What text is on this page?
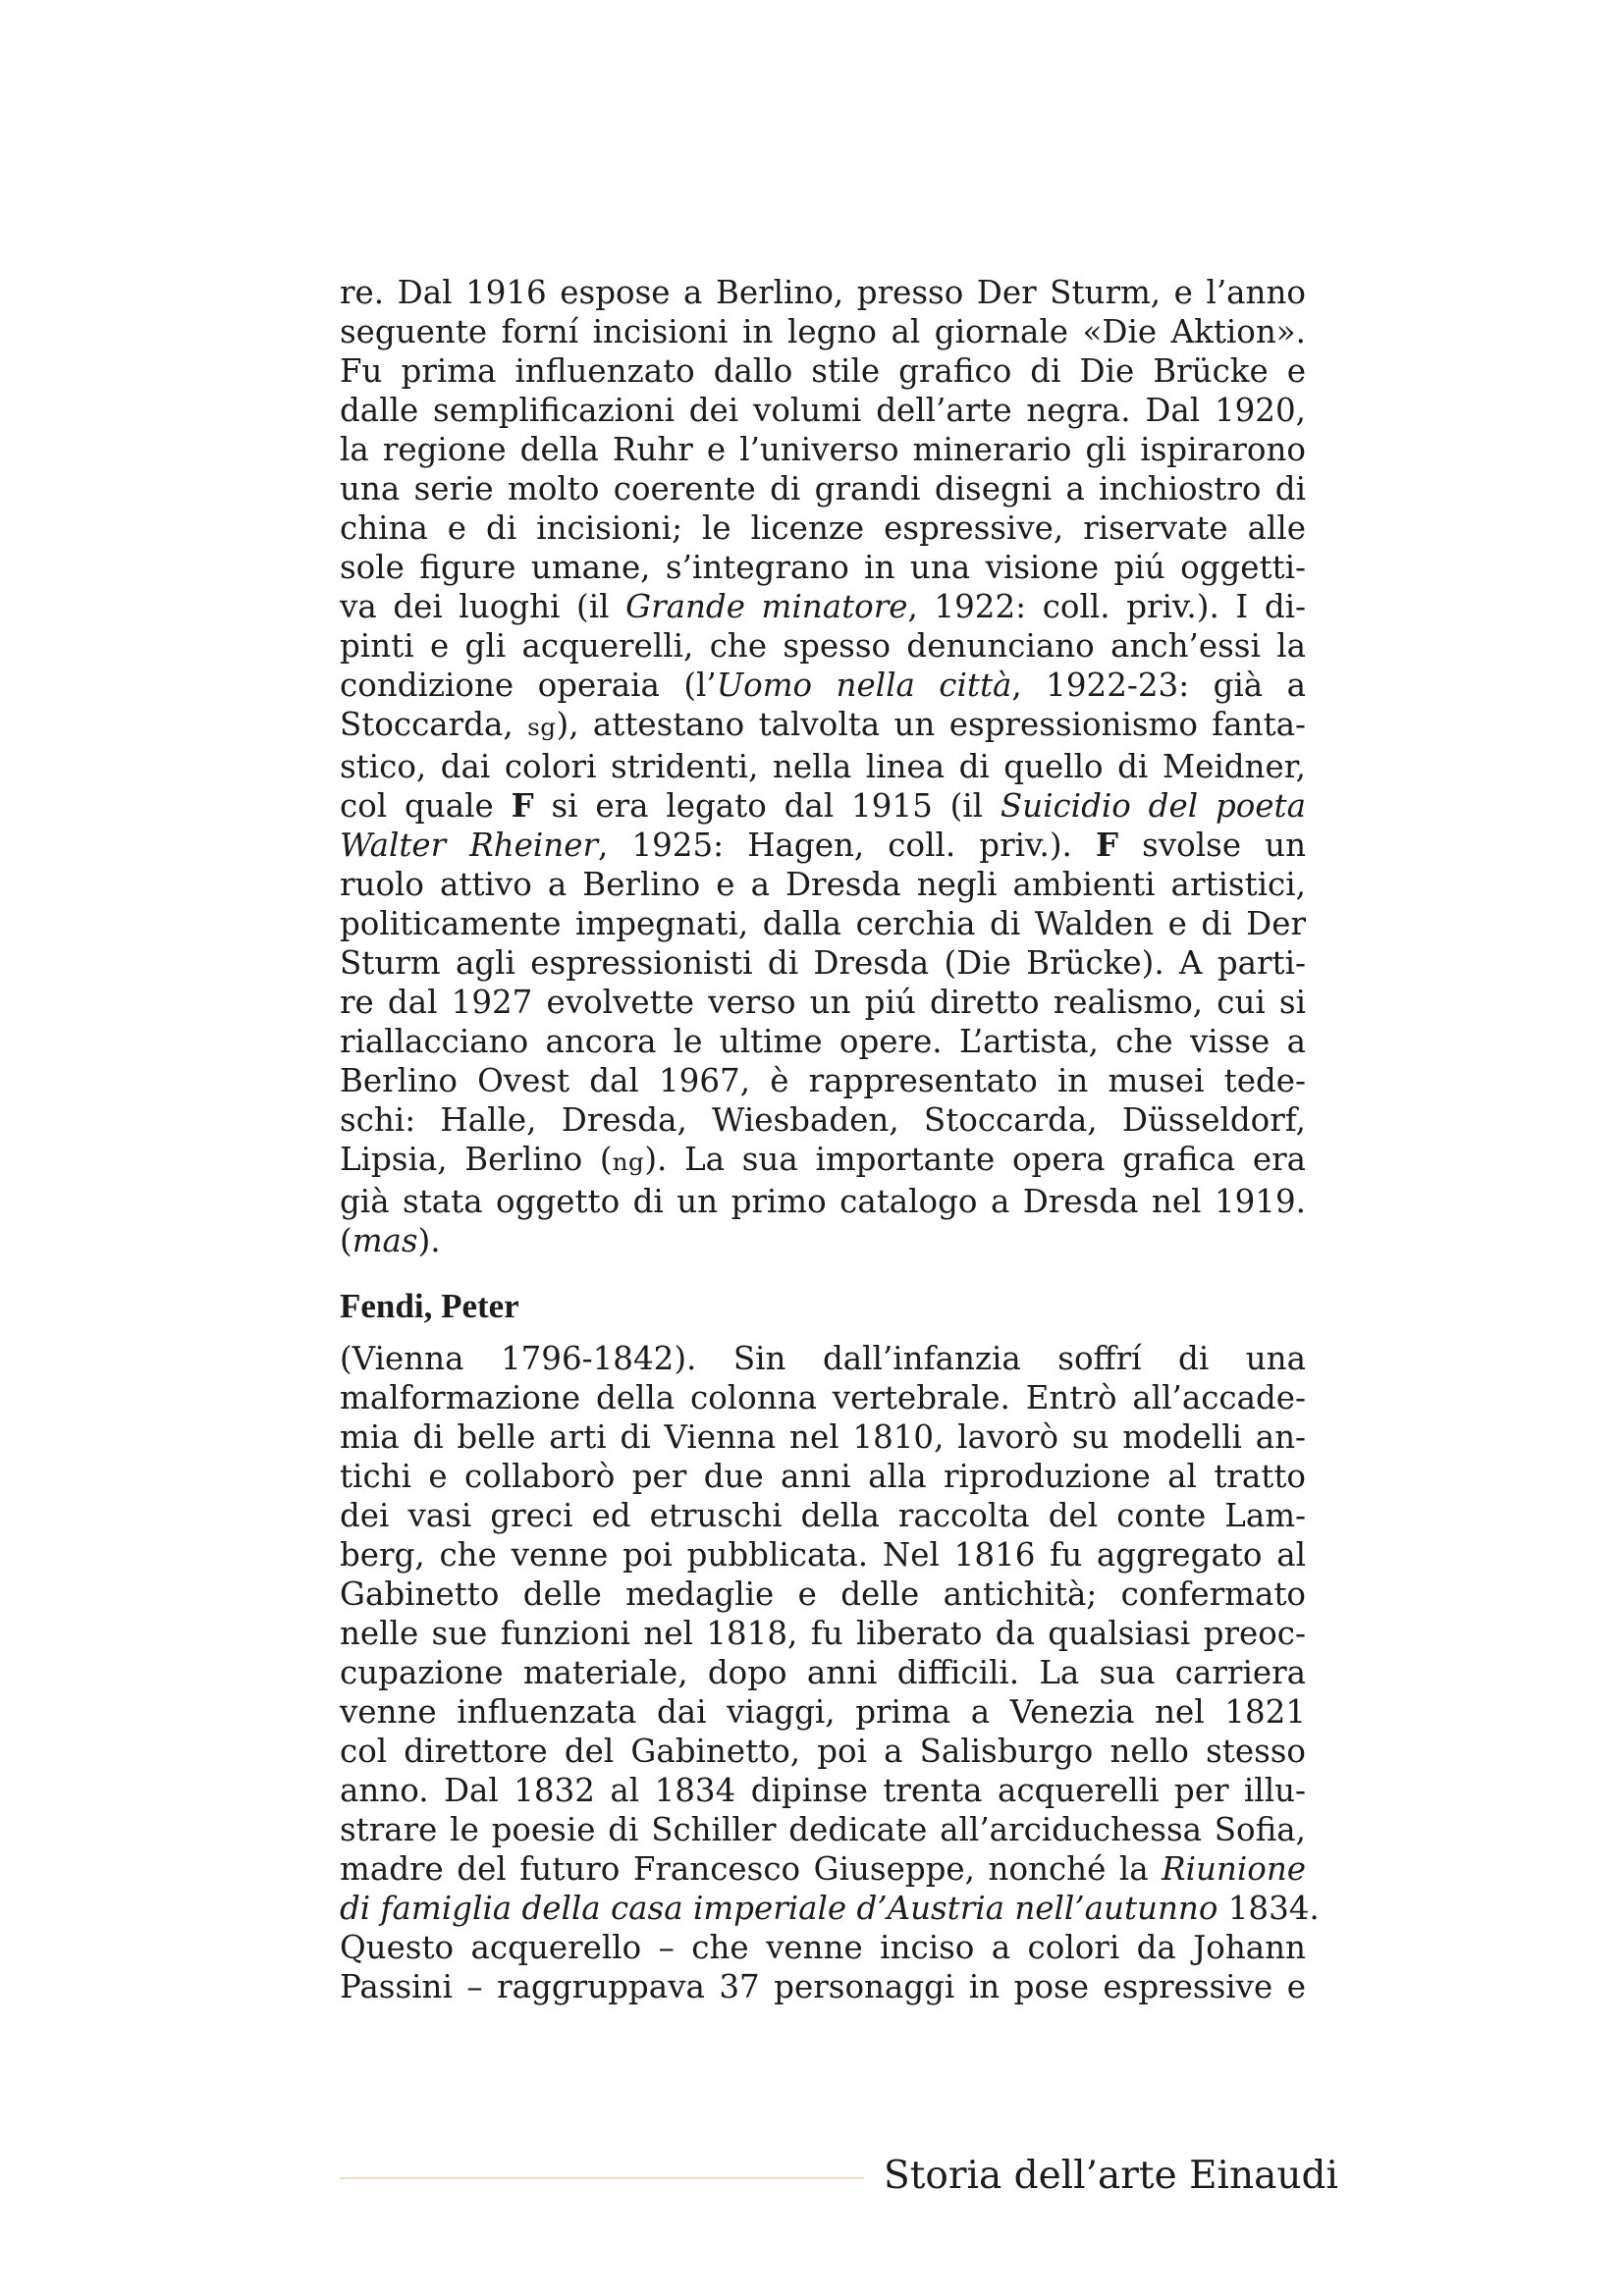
re. Dal 1916 espose a Berlino, presso Der Sturm, e l’anno
seguente forní incisioni in legno al giornale «Die Aktion».
Fu prima influenzato dallo stile grafico di Die Brücke e
dalle semplificazioni dei volumi dell’arte negra. Dal 1920,
la regione della Ruhr e l’universo minerario gli ispirarono
una serie molto coerente di grandi disegni a inchiostro di
china e di incisioni; le licenze espressive, riservate alle
sole figure umane, s’integrano in una visione piú oggetti-
va dei luoghi (il Grande minatore, 1922: coll. priv.). I di-
pinti e gli acquerelli, che spesso denunciano anch’essi la
condizione operaia (l’Uomo nella città, 1922-23: già a
Stoccarda, sg), attestano talvolta un espressionismo fanta-
stico, dai colori stridenti, nella linea di quello di Meidner,
col quale F si era legato dal 1915 (il Suicidio del poeta
Walter Rheiner, 1925: Hagen, coll. priv.). F svolse un
ruolo attivo a Berlino e a Dresda negli ambienti artistici,
politicamente impegnati, dalla cerchia di Walden e di Der
Sturm agli espressionisti di Dresda (Die Brücke). A parti-
re dal 1927 evolvette verso un piú diretto realismo, cui si
riallacciano ancora le ultime opere. L’artista, che visse a
Berlino Ovest dal 1967, è rappresentato in musei tede-
schi: Halle, Dresda, Wiesbaden, Stoccarda, Düsseldorf,
Lipsia, Berlino (ng). La sua importante opera grafica era
già stata oggetto di un primo catalogo a Dresda nel 1919.
(mas).
Fendi, Peter
(Vienna 1796-1842). Sin dall’infanzia soffrí di una
malformazione della colonna vertebrale. Entrò all’accade-
mia di belle arti di Vienna nel 1810, lavorò su modelli an-
tichi e collaborò per due anni alla riproduzione al tratto
dei vasi greci ed etruschi della raccolta del conte Lam-
berg, che venne poi pubblicata. Nel 1816 fu aggregato al
Gabinetto delle medaglie e delle antichità; confermato
nelle sue funzioni nel 1818, fu liberato da qualsiasi preoc-
cupazione materiale, dopo anni difficili. La sua carriera
venne influenzata dai viaggi, prima a Venezia nel 1821
col direttore del Gabinetto, poi a Salisburgo nello stesso
anno. Dal 1832 al 1834 dipinse trenta acquerelli per illu-
strare le poesie di Schiller dedicate all’arciduchessa Sofia,
madre del futuro Francesco Giuseppe, nonché la Riunione
di famiglia della casa imperiale d’Austria nell’autunno 1834.
Questo acquerello – che venne inciso a colori da Johann
Passini – raggruppava 37 personaggi in pose espressive e
Storia dell’arte Einaudi
